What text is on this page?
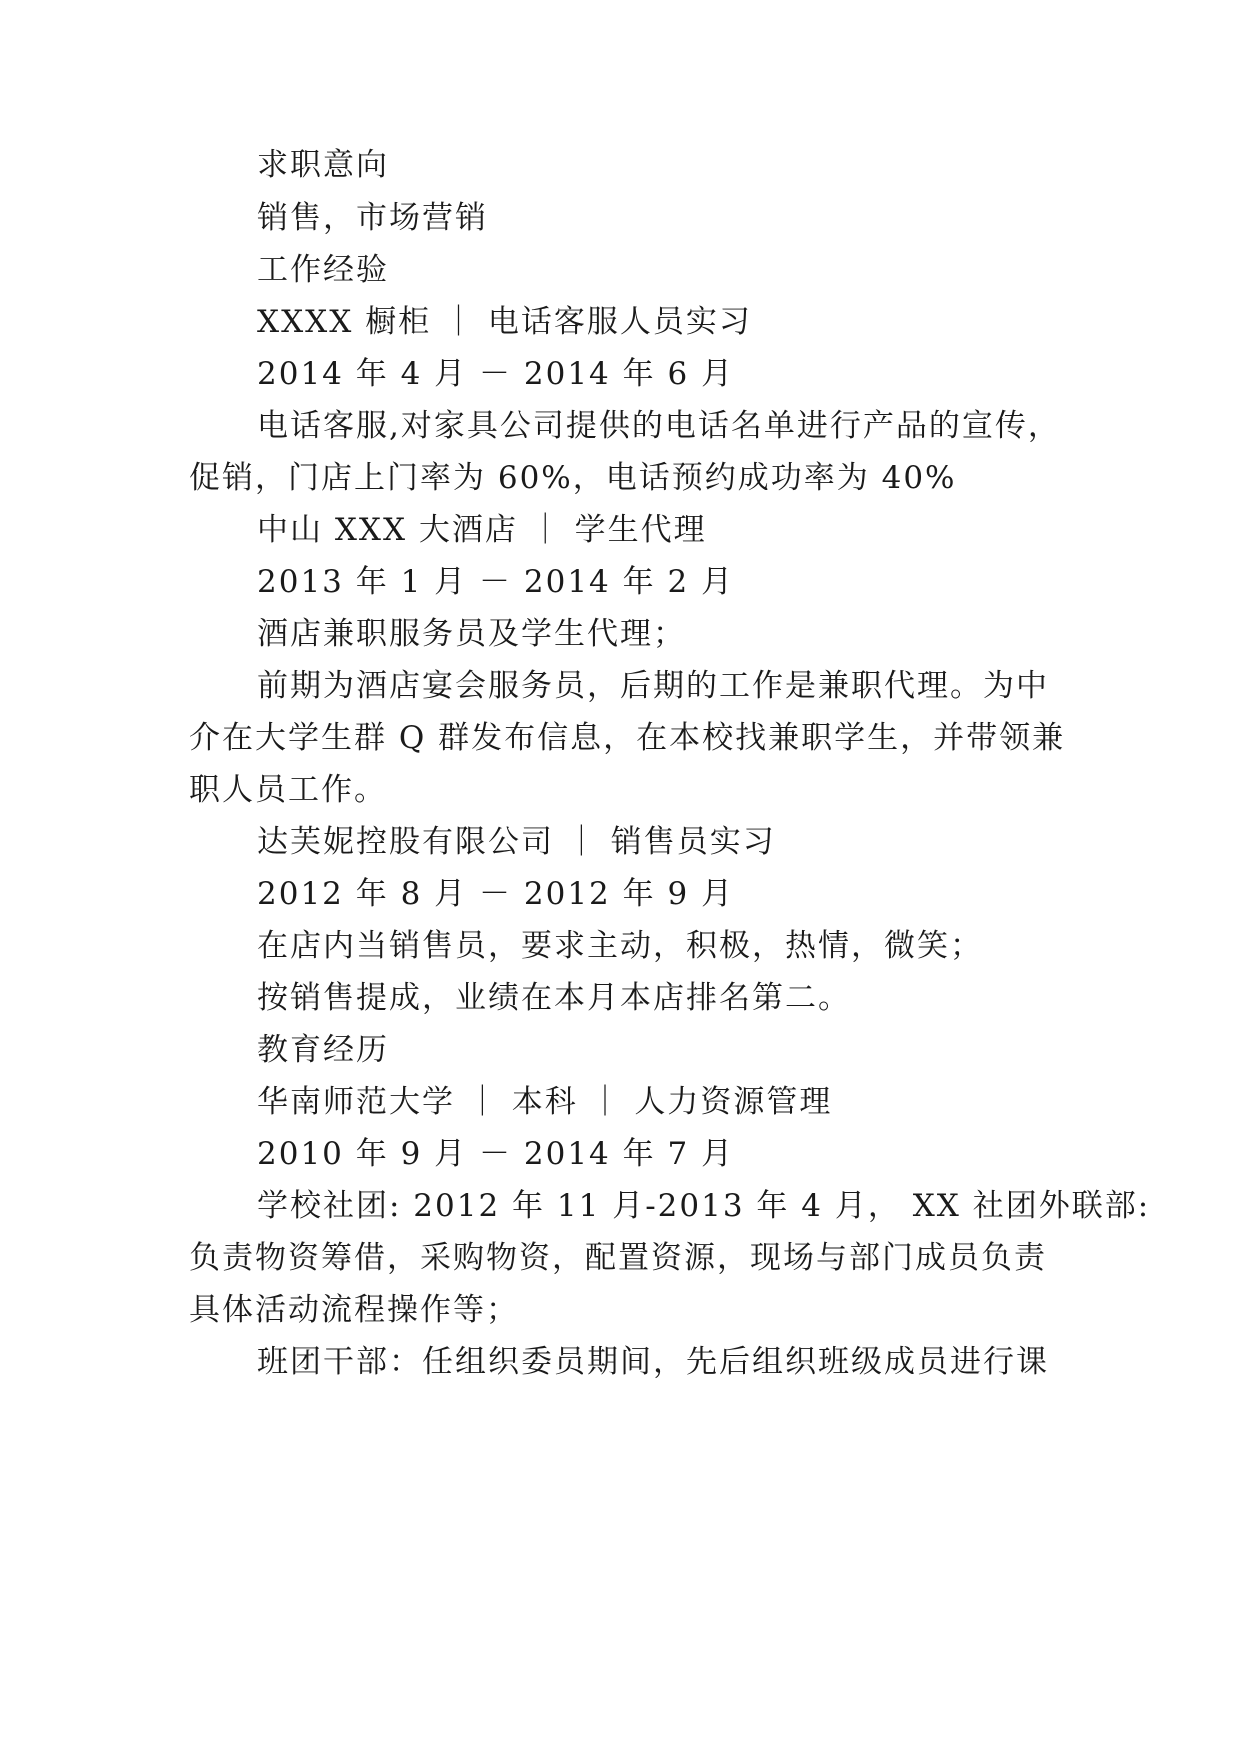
求职意向
销售，市场营销
工作经验
XXXX 橱柜 ｜ 电话客服人员实习
2014 年 4 月 － 2014 年 6 月
电话客服,对家具公司提供的电话名单进行产品的宣传，
促销，门店上门率为 60%，电话预约成功率为 40%
中山 XXX 大酒店 ｜ 学生代理
2013 年 1 月 － 2014 年 2 月
酒店兼职服务员及学生代理；
前期为酒店宴会服务员，后期的工作是兼职代理。为中
介在大学生群 Q 群发布信息，在本校找兼职学生，并带领兼
职人员工作。
达芙妮控股有限公司 ｜ 销售员实习
2012 年 8 月 － 2012 年 9 月
在店内当销售员，要求主动，积极，热情，微笑；
按销售提成，业绩在本月本店排名第二。
教育经历
华南师范大学 ｜ 本科 ｜ 人力资源管理
2010 年 9 月 － 2014 年 7 月
学校社团: 2012 年 11 月-2013 年 4 月， XX 社团外联部:
负责物资筹借，采购物资，配置资源，现场与部门成员负责
具体活动流程操作等；
班团干部：任组织委员期间，先后组织班级成员进行课
